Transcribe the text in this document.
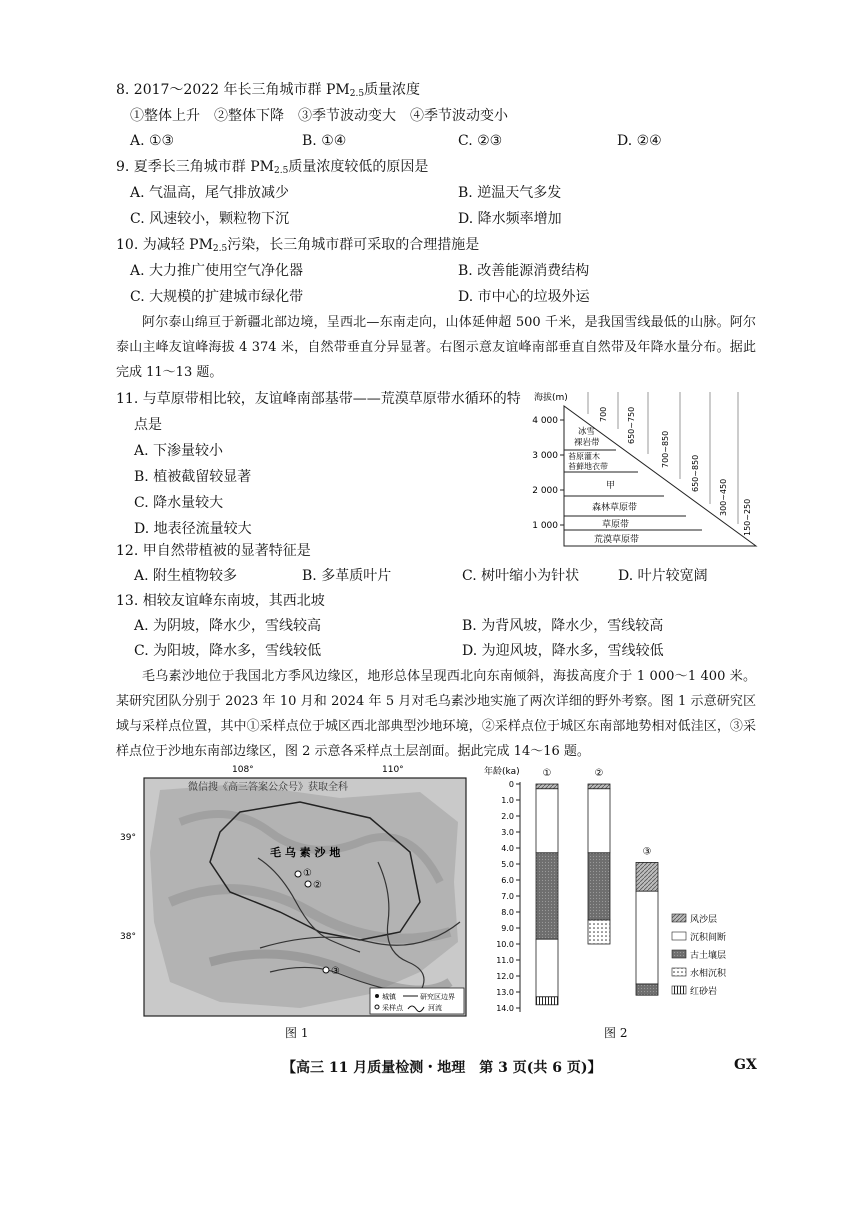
8. 2017～2022 年长三角城市群 $PM_{2.5}$质量浓度
①整体上升　②整体下降　③季节波动变大　④季节波动变小
A. ①③	B. ①④	C. ②③	D. ②④
9. 夏季长三角城市群 $PM_{2.5}$质量浓度较低的原因是
A. 气温高，尾气排放减少	B. 逆温天气多发
C. 风速较小，颗粒物下沉	D. 降水频率增加
10. 为减轻 $PM_{2.5}$污染，长三角城市群可采取的合理措施是
A. 大力推广使用空气净化器	B. 改善能源消费结构
C. 大规模的扩建城市绿化带	D. 市中心的垃圾外运
阿尔泰山绵亘于新疆北部边境，呈西北—东南走向，山体延伸超 500 千米，是我国雪线最低的山脉。阿尔泰山主峰友谊峰海拔 4 374 米，自然带垂直分异显著。右图示意友谊峰南部垂直自然带及年降水量分布。据此完成 11～13 题。
11. 与草原带相比较，友谊峰南部基带——荒漠草原带水循环的特
点是
A. 下渗量较小
B. 植被截留较显著
C. 降水量较大
D. 地表径流量较大
海拔(m)
4 000
3 000
2 000
1 000
700 650~750
700~850
650~850
300~450
150~250
冰雪裸岩带
苔原灌木苔藓地衣带
甲
森林草原带
草原带
荒漠草原带
12. 甲自然带植被的显著特征是
A. 附生植物较多	B. 多革质叶片	C. 树叶缩小为针状	D. 叶片较宽阔
13. 相较友谊峰东南坡，其西北坡
A. 为阴坡，降水少，雪线较高	B. 为背风坡，降水少，雪线较高
C. 为阳坡，降水多，雪线较低	D. 为迎风坡，降水多，雪线较低
毛乌素沙地位于我国北方季风边缘区，地形总体呈现西北向东南倾斜，海拔高度介于 1 000～1 400 米。某研究团队分别于 2023 年 10 月和 2024 年 5 月对毛乌素沙地实施了两次详细的野外考察。图 1 示意研究区域与采样点位置，其中①采样点位于城区西北部典型沙地环境，②采样点位于城区东南部地势相对低洼区，③采样点位于沙地东南部边缘区，图 2 示意各采样点土层剖面。据此完成 14～16 题。
108°	110°
39°
38°
微信搜《高三答案公众号》获取全科
毛 乌 素 沙 地
①
②
③
城镇	研究区边界
采样点	河流
图 1
年龄(ka)
0
1.0
2.0
3.0
4.0
5.0
6.0
7.0
8.0
9.0
10.0
11.0
12.0
13.0
14.0
①	②
③
风沙层
沉积间断
古土壤层
水相沉积
红砂岩
图 2
【高三 11 月质量检测・地理　第 3 页(共 6 页)】	GX
